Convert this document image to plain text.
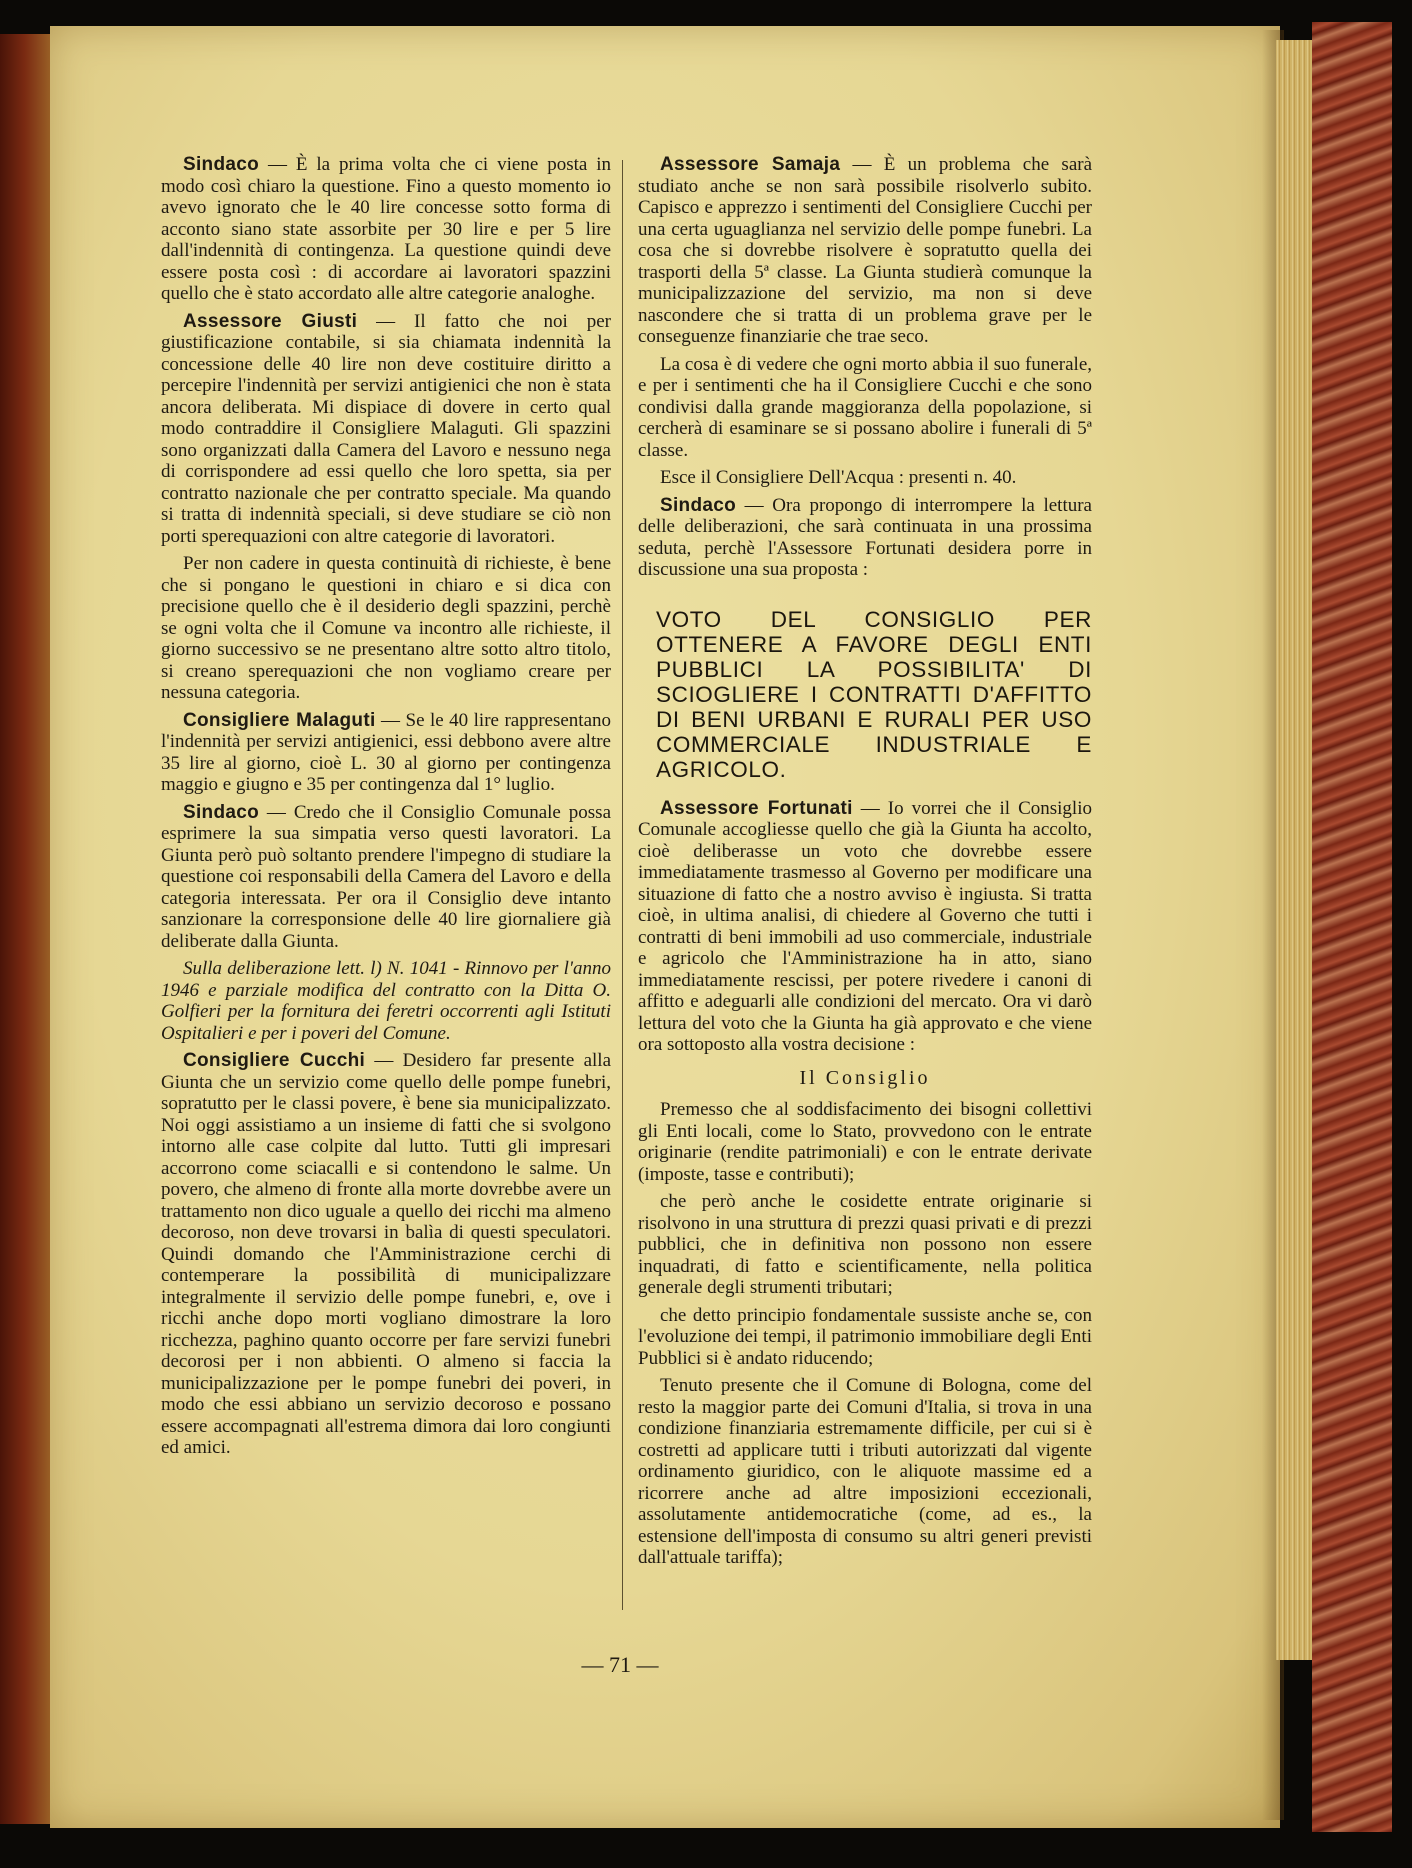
Sindaco — È la prima volta che ci viene posta in modo così chiaro la questione. Fino a questo momento io avevo ignorato che le 40 lire concesse sotto forma di acconto siano state assorbite per 30 lire e per 5 lire dall'indennità di contingenza. La questione quindi deve essere posta così : di accordare ai lavoratori spazzini quello che è stato accordato alle altre categorie analoghe.

Assessore Giusti — Il fatto che noi per giustificazione contabile, si sia chiamata indennità la concessione delle 40 lire non deve costituire diritto a percepire l'indennità per servizi antigienici che non è stata ancora deliberata. Mi dispiace di dovere in certo qual modo contraddire il Consigliere Malaguti. Gli spazzini sono organizzati dalla Camera del Lavoro e nessuno nega di corrispondere ad essi quello che loro spetta, sia per contratto nazionale che per contratto speciale. Ma quando si tratta di indennità speciali, si deve studiare se ciò non porti sperequazioni con altre categorie di lavoratori.

Per non cadere in questa continuità di richieste, è bene che si pongano le questioni in chiaro e si dica con precisione quello che è il desiderio degli spazzini, perchè se ogni volta che il Comune va incontro alle richieste, il giorno successivo se ne presentano altre sotto altro titolo, si creano sperequazioni che non vogliamo creare per nessuna categoria.

Consigliere Malaguti — Se le 40 lire rappresentano l'indennità per servizi antigienici, essi debbono avere altre 35 lire al giorno, cioè L. 30 al giorno per contingenza maggio e giugno e 35 per contingenza dal 1° luglio.

Sindaco — Credo che il Consiglio Comunale possa esprimere la sua simpatia verso questi lavoratori. La Giunta però può soltanto prendere l'impegno di studiare la questione coi responsabili della Camera del Lavoro e della categoria interessata. Per ora il Consiglio deve intanto sanzionare la corresponsione delle 40 lire giornaliere già deliberate dalla Giunta.

Sulla deliberazione lett. l) N. 1041 - Rinnovo per l'anno 1946 e parziale modifica del contratto con la Ditta O. Golfieri per la fornitura dei feretri occorrenti agli Istituti Ospitalieri e per i poveri del Comune.

Consigliere Cucchi — Desidero far presente alla Giunta che un servizio come quello delle pompe funebri, sopratutto per le classi povere, è bene sia municipalizzato. Noi oggi assistiamo a un insieme di fatti che si svolgono intorno alle case colpite dal lutto. Tutti gli impresari accorrono come sciacalli e si contendono le salme. Un povero, che almeno di fronte alla morte dovrebbe avere un trattamento non dico uguale a quello dei ricchi ma almeno decoroso, non deve trovarsi in balìa di questi speculatori. Quindi domando che l'Amministrazione cerchi di contemperare la possibilità di municipalizzare integralmente il servizio delle pompe funebri, e, ove i ricchi anche dopo morti vogliano dimostrare la loro ricchezza, paghino quanto occorre per fare servizi funebri decorosi per i non abbienti. O almeno si faccia la municipalizzazione per le pompe funebri dei poveri, in modo che essi abbiano un servizio decoroso e possano essere accompagnati all'estrema dimora dai loro congiunti ed amici.

Assessore Samaja — È un problema che sarà studiato anche se non sarà possibile risolverlo subito. Capisco e apprezzo i sentimenti del Consigliere Cucchi per una certa uguaglianza nel servizio delle pompe funebri. La cosa che si dovrebbe risolvere è sopratutto quella dei trasporti della 5ª classe. La Giunta studierà comunque la municipalizzazione del servizio, ma non si deve nascondere che si tratta di un problema grave per le conseguenze finanziarie che trae seco.

La cosa è di vedere che ogni morto abbia il suo funerale, e per i sentimenti che ha il Consigliere Cucchi e che sono condivisi dalla grande maggioranza della popolazione, si cercherà di esaminare se si possano abolire i funerali di 5ª classe.

Esce il Consigliere Dell'Acqua : presenti n. 40.

Sindaco — Ora propongo di interrompere la lettura delle deliberazioni, che sarà continuata in una prossima seduta, perchè l'Assessore Fortunati desidera porre in discussione una sua proposta :

VOTO DEL CONSIGLIO PER OTTENERE A FAVORE DEGLI ENTI PUBBLICI LA POSSIBILITA' DI SCIOGLIERE I CONTRATTI D'AFFITTO DI BENI URBANI E RURALI PER USO COMMERCIALE INDUSTRIALE E AGRICOLO.

Assessore Fortunati — Io vorrei che il Consiglio Comunale accogliesse quello che già la Giunta ha accolto, cioè deliberasse un voto che dovrebbe essere immediatamente trasmesso al Governo per modificare una situazione di fatto che a nostro avviso è ingiusta. Si tratta cioè, in ultima analisi, di chiedere al Governo che tutti i contratti di beni immobili ad uso commerciale, industriale e agricolo che l'Amministrazione ha in atto, siano immediatamente rescissi, per potere rivedere i canoni di affitto e adeguarli alle condizioni del mercato. Ora vi darò lettura del voto che la Giunta ha già approvato e che viene ora sottoposto alla vostra decisione :

Il Consiglio

Premesso che al soddisfacimento dei bisogni collettivi gli Enti locali, come lo Stato, provvedono con le entrate originarie (rendite patrimoniali) e con le entrate derivate (imposte, tasse e contributi);

che però anche le cosidette entrate originarie si risolvono in una struttura di prezzi quasi privati e di prezzi pubblici, che in definitiva non possono non essere inquadrati, di fatto e scientificamente, nella politica generale degli strumenti tributari;

che detto principio fondamentale sussiste anche se, con l'evoluzione dei tempi, il patrimonio immobiliare degli Enti Pubblici si è andato riducendo;

Tenuto presente che il Comune di Bologna, come del resto la maggior parte dei Comuni d'Italia, si trova in una condizione finanziaria estremamente difficile, per cui si è costretti ad applicare tutti i tributi autorizzati dal vigente ordinamento giuridico, con le aliquote massime ed a ricorrere anche ad altre imposizioni eccezionali, assolutamente antidemocratiche (come, ad es., la estensione dell'imposta di consumo su altri generi previsti dall'attuale tariffa);

— 71 —
